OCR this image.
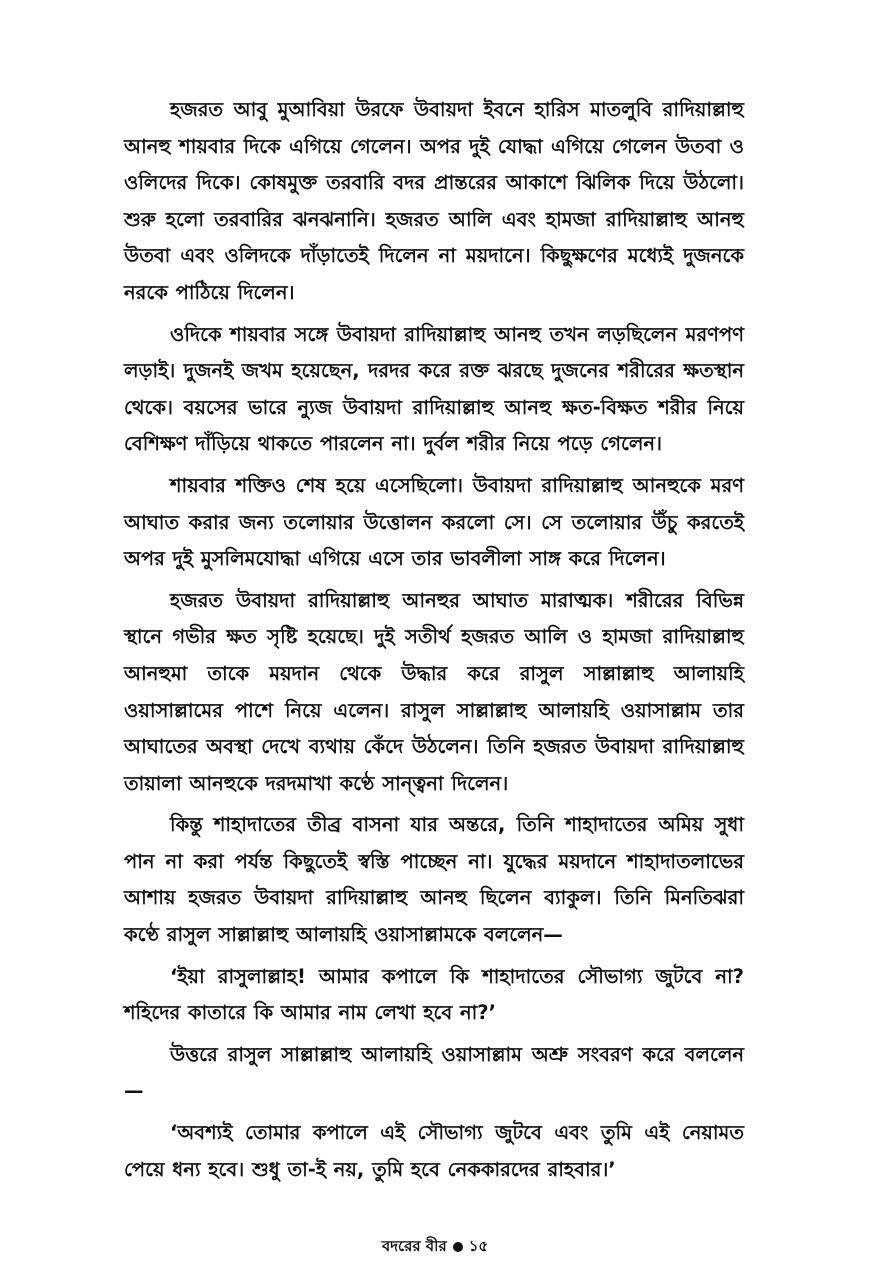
হজরত আবু মুআবিয়া উরফে উবায়দা ইবনে হারিস মাতলুবি রাদিয়াল্লাহু আনহু শায়বার দিকে এগিয়ে গেলেন। অপর দুই যোদ্ধা এগিয়ে গেলেন উতবা ও ওলিদের দিকে। কোষমুক্ত তরবারি বদর প্রান্তরের আকাশে ঝিলিক দিয়ে উঠলো। শুরু হলো তরবারির ঝনঝনানি। হজরত আলি এবং হামজা রাদিয়াল্লাহু আনহু উতবা এবং ওলিদকে দাঁড়াতেই দিলেন না ময়দানে। কিছুক্ষণের মধ্যেই দুজনকে নরকে পাঠিয়ে দিলেন।

ওদিকে শায়বার সঙ্গে উবায়দা রাদিয়াল্লাহু আনহু তখন লড়ছিলেন মরণপণ লড়াই। দুজনই জখম হয়েছেন, দরদর করে রক্ত ঝরছে দুজনের শরীরের ক্ষতস্থান থেকে। বয়সের ভারে ন্যুজ উবায়দা রাদিয়াল্লাহু আনহু ক্ষত-বিক্ষত শরীর নিয়ে বেশিক্ষণ দাঁড়িয়ে থাকতে পারলেন না। দুর্বল শরীর নিয়ে পড়ে গেলেন।

শায়বার শক্তিও শেষ হয়ে এসেছিলো। উবায়দা রাদিয়াল্লাহু আনহুকে মরণ আঘাত করার জন্য তলোয়ার উত্তোলন করলো সে। সে তলোয়ার উঁচু করতেই অপর দুই মুসলিমযোদ্ধা এগিয়ে এসে তার ভাবলীলা সাঙ্গ করে দিলেন।

হজরত উবায়দা রাদিয়াল্লাহু আনহুর আঘাত মারাত্মক। শরীরের বিভিন্ন স্থানে গভীর ক্ষত সৃষ্টি হয়েছে। দুই সতীর্থ হজরত আলি ও হামজা রাদিয়াল্লাহু আনহুমা তাকে ময়দান থেকে উদ্ধার করে রাসুল সাল্লাল্লাহু আলায়হি ওয়াসাল্লামের পাশে নিয়ে এলেন। রাসুল সাল্লাল্লাহু আলায়হি ওয়াসাল্লাম তার আঘাতের অবস্থা দেখে ব্যথায় কেঁদে উঠলেন। তিনি হজরত উবায়দা রাদিয়াল্লাহু তায়ালা আনহুকে দরদমাখা কণ্ঠে সান্ত্বনা দিলেন।

কিন্তু শাহাদাতের তীব্র বাসনা যার অন্তরে, তিনি শাহাদাতের অমিয় সুধা পান না করা পর্যন্ত কিছুতেই স্বস্তি পাচ্ছেন না। যুদ্ধের ময়দানে শাহাদাতলাভের আশায় হজরত উবায়দা রাদিয়াল্লাহু আনহু ছিলেন ব্যাকুল। তিনি মিনতিঝরা কণ্ঠে রাসুল সাল্লাল্লাহু আলায়হি ওয়াসাল্লামকে বললেন—

‘ইয়া রাসুলাল্লাহ! আমার কপালে কি শাহাদাতের সৌভাগ্য জুটবে না? শহিদের কাতারে কি আমার নাম লেখা হবে না?’

উত্তরে রাসুল সাল্লাল্লাহু আলায়হি ওয়াসাল্লাম অশ্রু সংবরণ করে বললেন—

‘অবশ্যই তোমার কপালে এই সৌভাগ্য জুটবে এবং তুমি এই নেয়ামত পেয়ে ধন্য হবে। শুধু তা-ই নয়, তুমি হবে নেককারদের রাহবার।’

বদরের বীর ১৫
